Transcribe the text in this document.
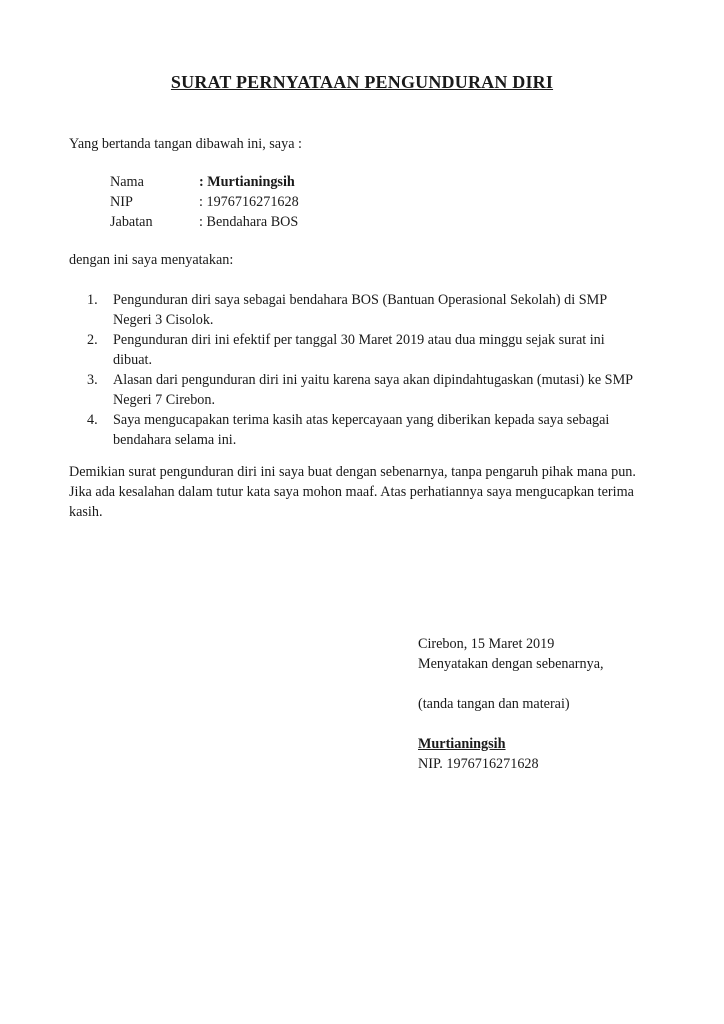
SURAT PERNYATAAN PENGUNDURAN DIRI
Yang bertanda tangan dibawah ini, saya :
Nama	: Murtianingsih
NIP	: 1976716271628
Jabatan	: Bendahara BOS
dengan ini saya menyatakan:
1.	Pengunduran diri saya sebagai bendahara BOS (Bantuan Operasional Sekolah) di SMP
Negeri 3 Cisolok.
2.	Pengunduran diri ini efektif per tanggal 30 Maret 2019 atau dua minggu sejak surat ini
dibuat.
3.	Alasan dari pengunduran diri ini yaitu karena saya akan dipindahtugaskan (mutasi) ke SMP
Negeri 7 Cirebon.
4.	Saya mengucapakan terima kasih atas kepercayaan yang diberikan kepada saya sebagai
bendahara selama ini.
Demikian surat pengunduran diri ini saya buat dengan sebenarnya, tanpa pengaruh pihak mana pun.
Jika ada kesalahan dalam tutur kata saya mohon maaf. Atas perhatiannya saya mengucapkan terima
kasih.
Cirebon, 15 Maret 2019
Menyatakan dengan sebenarnya,
(tanda tangan dan materai)
Murtianingsih
NIP. 1976716271628
